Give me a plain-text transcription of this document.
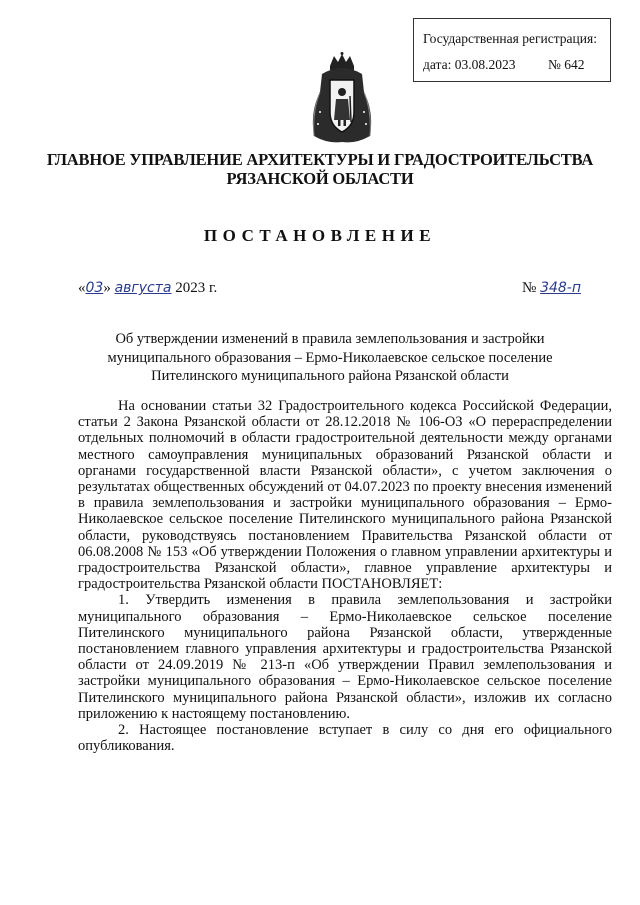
Государственная регистрация:
дата: 03.08.2023 № 642
ГЛАВНОЕ УПРАВЛЕНИЕ АРХИТЕКТУРЫ И ГРАДОСТРОИТЕЛЬСТВА
РЯЗАНСКОЙ ОБЛАСТИ
ПОСТАНОВЛЕНИЕ
«03» августа 2023 г.	№ 348-п
Об утверждении изменений в правила землепользования и застройки
муниципального образования – Ермо-Николаевское сельское поселение
Пителинского муниципального района Рязанской области

На основании статьи 32 Градостроительного кодекса Российской Федерации, статьи 2 Закона Рязанской области от 28.12.2018 № 106-ОЗ «О перераспределении отдельных полномочий в области градостроительной деятельности между органами местного самоуправления муниципальных образований Рязанской области и органами государственной власти Рязанской области», с учетом заключения о результатах общественных обсуждений от 04.07.2023 по проекту внесения изменений в правила землепользования и застройки муниципального образования – Ермо-Николаевское сельское поселение Пителинского муниципального района Рязанской области, руководствуясь постановлением Правительства Рязанской области от 06.08.2008 № 153 «Об утверждении Положения о главном управлении архитектуры и градостроительства Рязанской области», главное управление архитектуры и градостроительства Рязанской области ПОСТАНОВЛЯЕТ:

1. Утвердить изменения в правила землепользования и застройки муниципального образования – Ермо-Николаевское сельское поселение Пителинского муниципального района Рязанской области, утвержденные постановлением главного управления архитектуры и градостроительства Рязанской области от 24.09.2019 № 213-п «Об утверждении Правил землепользования и застройки муниципального образования – Ермо-Николаевское сельское поселение Пителинского муниципального района Рязанской области», изложив их согласно приложению к настоящему постановлению.

2. Настоящее постановление вступает в силу со дня его официального опубликования.
